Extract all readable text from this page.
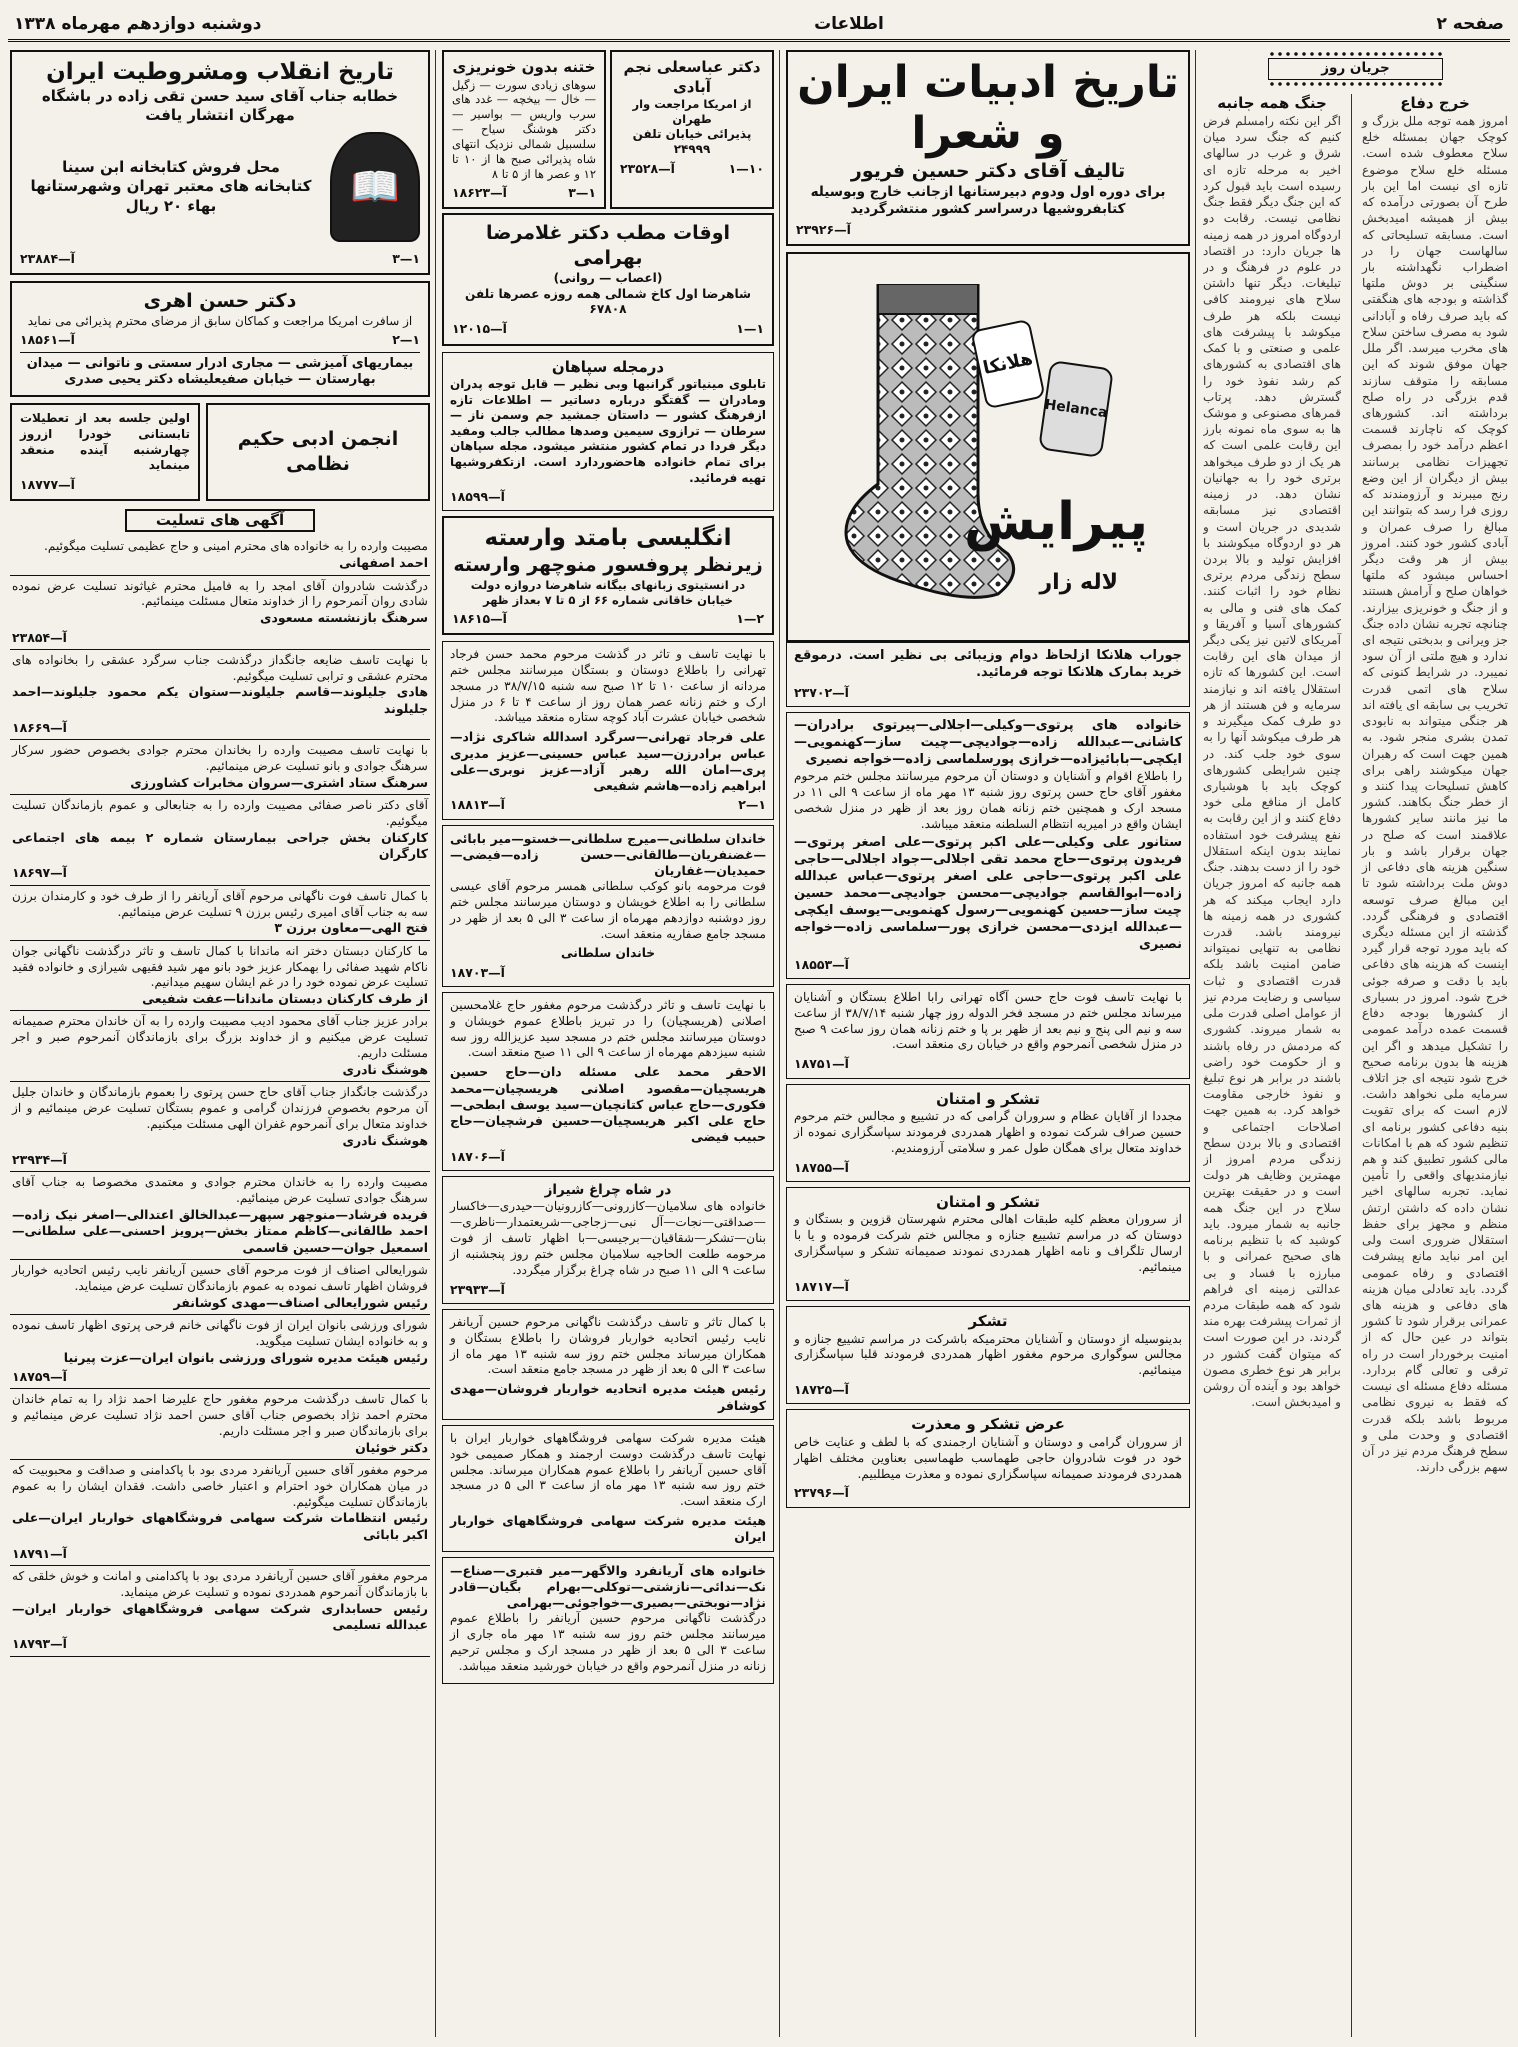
صفحه ۲
اطلاعات
دوشنبه دوازدهم مهرماه ۱۳۳۸
جریان روز
خرج دفاع
امروز همه توجه ملل بزرگ و کوچک جهان بمسئله خلع سلاح معطوف شده است. مسئله خلع سلاح موضوع تازه ای نیست اما این بار طرح آن بصورتی درآمده که بیش از همیشه امیدبخش است. مسابقه تسلیحاتی که سالهاست جهان را در اضطراب نگهداشته بار سنگینی بر دوش ملتها گذاشته و بودجه های هنگفتی که باید صرف رفاه و آبادانی شود به مصرف ساختن سلاح های مخرب میرسد. اگر ملل جهان موفق شوند که این مسابقه را متوقف سازند قدم بزرگی در راه صلح برداشته اند. کشورهای کوچک که ناچارند قسمت اعظم درآمد خود را بمصرف تجهیزات نظامی برسانند بیش از دیگران از این وضع رنج میبرند و آرزومندند که روزی فرا رسد که بتوانند این مبالغ را صرف عمران و آبادی کشور خود کنند. امروز بیش از هر وقت دیگر احساس میشود که ملتها خواهان صلح و آرامش هستند و از جنگ و خونریزی بیزارند. چنانچه تجربه نشان داده جنگ جز ویرانی و بدبختی نتیجه ای ندارد و هیچ ملتی از آن سود نمیبرد. در شرایط کنونی که سلاح های اتمی قدرت تخریب بی سابقه ای یافته اند هر جنگی میتواند به نابودی تمدن بشری منجر شود. به همین جهت است که رهبران جهان میکوشند راهی برای کاهش تسلیحات پیدا کنند و از خطر جنگ بکاهند. کشور ما نیز مانند سایر کشورها علاقمند است که صلح در جهان برقرار باشد و بار سنگین هزینه های دفاعی از دوش ملت برداشته شود تا این مبالغ صرف توسعه اقتصادی و فرهنگی گردد. گذشته از این مسئله دیگری که باید مورد توجه قرار گیرد اینست که هزینه های دفاعی باید با دقت و صرفه جوئی خرج شود. امروز در بسیاری از کشورها بودجه دفاع قسمت عمده درآمد عمومی را تشکیل میدهد و اگر این هزینه ها بدون برنامه صحیح خرج شود نتیجه ای جز اتلاف سرمایه ملی نخواهد داشت. لازم است که برای تقویت بنیه دفاعی کشور برنامه ای تنظیم شود که هم با امکانات مالی کشور تطبیق کند و هم نیازمندیهای واقعی را تأمین نماید. تجربه سالهای اخیر نشان داده که داشتن ارتش منظم و مجهز برای حفظ استقلال ضروری است ولی این امر نباید مانع پیشرفت اقتصادی و رفاه عمومی گردد. باید تعادلی میان هزینه های دفاعی و هزینه های عمرانی برقرار شود تا کشور بتواند در عین حال که از امنیت برخوردار است در راه ترقی و تعالی گام بردارد. مسئله دفاع مسئله ای نیست که فقط به نیروی نظامی مربوط باشد بلکه قدرت اقتصادی و وحدت ملی و سطح فرهنگ مردم نیز در آن سهم بزرگی دارند.
جنگ همه جانبه
اگر این نکته رامسلم فرض کنیم که جنگ سرد میان شرق و غرب در سالهای اخیر به مرحله تازه ای رسیده است باید قبول کرد که این جنگ دیگر فقط جنگ نظامی نیست. رقابت دو اردوگاه امروز در همه زمینه ها جریان دارد: در اقتصاد در علوم در فرهنگ و در تبلیغات. دیگر تنها داشتن سلاح های نیرومند کافی نیست بلکه هر طرف میکوشد با پیشرفت های علمی و صنعتی و با کمک های اقتصادی به کشورهای کم رشد نفوذ خود را گسترش دهد. پرتاب قمرهای مصنوعی و موشک ها به سوی ماه نمونه بارز این رقابت علمی است که هر یک از دو طرف میخواهد برتری خود را به جهانیان نشان دهد. در زمینه اقتصادی نیز مسابقه شدیدی در جریان است و هر دو اردوگاه میکوشند با افزایش تولید و بالا بردن سطح زندگی مردم برتری نظام خود را اثبات کنند. کمک های فنی و مالی به کشورهای آسیا و آفریقا و آمریکای لاتین نیز یکی دیگر از میدان های این رقابت است. این کشورها که تازه استقلال یافته اند و نیازمند سرمایه و فن هستند از هر دو طرف کمک میگیرند و هر طرف میکوشد آنها را به سوی خود جلب کند. در چنین شرایطی کشورهای کوچک باید با هوشیاری کامل از منافع ملی خود دفاع کنند و از این رقابت به نفع پیشرفت خود استفاده نمایند بدون اینکه استقلال خود را از دست بدهند. جنگ همه جانبه که امروز جریان دارد ایجاب میکند که هر کشوری در همه زمینه ها نیرومند باشد. قدرت نظامی به تنهایی نمیتواند ضامن امنیت باشد بلکه قدرت اقتصادی و ثبات سیاسی و رضایت مردم نیز از عوامل اصلی قدرت ملی به شمار میروند. کشوری که مردمش در رفاه باشند و از حکومت خود راضی باشند در برابر هر نوع تبلیغ و نفوذ خارجی مقاومت خواهد کرد. به همین جهت اصلاحات اجتماعی و اقتصادی و بالا بردن سطح زندگی مردم امروز از مهمترین وظایف هر دولت است و در حقیقت بهترین سلاح در این جنگ همه جانبه به شمار میرود. باید کوشید که با تنظیم برنامه های صحیح عمرانی و با مبارزه با فساد و بی عدالتی زمینه ای فراهم شود که همه طبقات مردم از ثمرات پیشرفت بهره مند گردند. در این صورت است که میتوان گفت کشور در برابر هر نوع خطری مصون خواهد بود و آینده آن روشن و امیدبخش است.
تاریخ ادبیات ایران
و شعرا
تالیف آقای دکتر حسین فریور
برای دوره اول ودوم دبیرستانها ازجانب خارج وبوسیله کتابفروشیها درسراسر کشور منتشرگردید
آ—۲۳۹۲۶
هلانکا
Helanca
پیرایش
لاله زار
جوراب هلانکا ازلحاظ دوام وزیبائی بی نظیر است. درموقع خرید بمارک هلانکا توجه فرمائید.
آ—۲۳۷۰۲
خانواده های پرتوی—وکیلی—اجلالی—پیرتوی برادران—کاشانی—عبدالله زاده—جوادیچی—چیت ساز—کهنمویی—ایکچی—بابائیزاده—خرازی پورسلماسی زاده—خواجه نصیری
را باطلاع اقوام و آشنایان و دوستان آن مرحوم میرسانند مجلس ختم مرحوم مغفور آقای حاج حسن پرتوی روز شنبه ۱۳ مهر ماه از ساعت ۹ الی ۱۱ در مسجد ارک و همچنین ختم زنانه همان روز بعد از ظهر در منزل شخصی ایشان واقع در امیریه انتظام السلطنه منعقد میباشد.
ستانور علی وکیلی—علی اکبر پرتوی—علی اصغر پرتوی—فریدون پرتوی—حاج محمد تقی اجلالی—جواد اجلالی—حاجی علی اکبر پرتوی—حاجی علی اصغر پرتوی—عباس عبدالله زاده—ابوالقاسم جوادیچی—محسن جوادیچی—محمد حسین چیت ساز—حسین کهنمویی—رسول کهنمویی—یوسف ایکچی—عبدالله ایزدی—محسن خرازی پور—سلماسی زاده—خواجه نصیری
آ—۱۸۵۵۳
با نهایت تاسف فوت حاج حسن آگاه تهرانی رابا اطلاع بستگان و آشنایان میرساند مجلس ختم در مسجد فخر الدوله روز چهار شنبه ۳۸/۷/۱۴ از ساعت سه و نیم الی پنج و نیم بعد از ظهر بر پا و ختم زنانه همان روز ساعت ۹ صبح در منزل شخصی آنمرحوم واقع در خیابان ری منعقد است.
آ—۱۸۷۵۱
تشکر و امتنان
مجددا از آقایان عظام و سروران گرامی که در تشییع و مجالس ختم مرحوم حسین صراف شرکت نموده و اظهار همدردی فرمودند سپاسگزاری نموده از خداوند متعال برای همگان طول عمر و سلامتی آرزومندیم.
آ—۱۸۷۵۵
تشکر و امتنان
از سروران معظم کلیه طبقات اهالی محترم شهرستان قزوین و بستگان و دوستان که در مراسم تشییع جنازه و مجالس ختم شرکت فرموده و یا با ارسال تلگراف و نامه اظهار همدردی نمودند صمیمانه تشکر و سپاسگزاری مینمائیم.
آ—۱۸۷۱۷
تشکر
بدینوسیله از دوستان و آشنایان محترمیکه باشرکت در مراسم تشییع جنازه و مجالس سوگواری مرحوم مغفور اظهار همدردی فرمودند قلبا سپاسگزاری مینمائیم.
آ—۱۸۷۲۵
عرض تشکر و معذرت
از سروران گرامی و دوستان و آشنایان ارجمندی که با لطف و عنایت خاص خود در فوت شادروان حاجی طهماسب طهماسبی بعناوین مختلف اظهار همدردی فرمودند صمیمانه سپاسگزاری نموده و معذرت میطلبیم.
آ—۲۳۷۹۶
دکتر عباسعلی نجم آبادی
از امریکا مراجعت وار طهران
پذیرائی خیابان تلفن ۲۴۹۹۹
آ—۲۳۵۲۸	۱—۱۰
ختنه بدون خونریزی
سوهای زیادی سورت — زگیل — خال — بیخچه — غدد های سرب واریس — بواسیر — دکتر هوشنگ سیاح — سلسبیل شمالی نزدیک انتهای شاه پذیرائی صبح ها از ۱۰ تا ۱۲ و عصر ها از ۵ تا ۸
آ—۱۸۶۲۳	۳—۱
اوقات مطب دکتر غلامرضا بهرامی
(اعصاب — روانی)
شاهرضا اول کاخ شمالی همه روزه عصرها تلفن ۶۷۸۰۸
آ—۱۲۰۱۵	۱—۱
درمجله سپاهان
تابلوی مینیاتور گرانبها وبی نظیر — قابل توجه پدران ومادران — گفتگو درباره دساتیر — اطلاعات تازه ازفرهنگ کشور — داستان جمشید جم وسمن ناز — سرطان — ترازوی سیمین وصدها مطالب جالب ومفید دیگر فردا در تمام کشور منتشر میشود. مجله سپاهان برای تمام خانواده هاحضوردارد است. ازتکفروشیها تهیه فرمائید.
آ—۱۸۵۹۹
انگلیسی بامتد وارسته
زیرنظر پروفسور منوچهر وارسته
در انستیتوی زبانهای بیگانه شاهرضا دروازه دولت خیابان خاقانی شماره ۶۶ از ۵ تا ۷ بعداز ظهر
آ—۱۸۶۱۵	۱—۲
با نهایت تاسف و تاثر در گذشت مرحوم محمد حسن فرجاد تهرانی را باطلاع دوستان و بستگان میرسانند مجلس ختم مردانه از ساعت ۱۰ تا ۱۲ صبح سه شنبه ۳۸/۷/۱۵ در مسجد ارک و ختم زنانه عصر همان روز از ساعت ۴ تا ۶ در منزل شخصی خیابان عشرت آباد کوچه ستاره منعقد میباشد.
علی فرجاد تهرانی—سرگرد اسدالله شاکری نژاد—عباس برادرزن—سید عباس حسینی—عزیز مدیری پری—امان الله رهبر آزاد—عزیز نوبری—علی ابراهیم زاده—هاشم شفیعی
آ—۱۸۸۱۳	۲—۱
خاندان سلطانی—میرج سلطانی—خستو—میر بابائی—غضنفریان—طالقانی—حسن زاده—فیضی—حمیدیان—غفاریان
فوت مرحومه بانو کوکب سلطانی همسر مرحوم آقای عیسی سلطانی را به اطلاع خویشان و دوستان میرسانند مجلس ختم روز دوشنبه دوازدهم مهرماه از ساعت ۳ الی ۵ بعد از ظهر در مسجد جامع صفاریه منعقد است.
خاندان سلطانی
آ—۱۸۷۰۳
با نهایت تاسف و تاثر درگذشت مرحوم مغفور حاج غلامحسین اصلانی (هریسچیان) را در تبریز باطلاع عموم خویشان و دوستان میرسانند مجلس ختم در مسجد سید عزیزالله روز سه شنبه سیزدهم مهرماه از ساعت ۹ الی ۱۱ صبح منعقد است.
الاحقر محمد علی مسئله دان—حاج حسین هریسچیان—مقصود اصلانی هریسچیان—محمد فکوری—حاج عباس کتانچیان—سید یوسف ابطحی—حاج علی اکبر هریسچیان—حسین فرشچیان—حاج حبیب فیضی
آ—۱۸۷۰۶
در شاه چراغ شیراز
خانواده های سلامیان—کازرونی—کازرونیان—حیدری—خاکسار—صداقتی—نجات—آل نبی—زجاجی—شریعتمدار—ناظری—بنان—تشکر—شقاقیان—برجیسی—با اظهار تاسف از فوت مرحومه طلعت الحاجیه سلامیان مجلس ختم روز پنجشنبه از ساعت ۹ الی ۱۱ صبح در شاه چراغ برگزار میگردد.
آ—۲۳۹۳۳
با کمال تاثر و تاسف درگذشت ناگهانی مرحوم حسین آریانفر نایب رئیس اتحادیه خواربار فروشان را باطلاع بستگان و همکاران میرساند مجلس ختم روز سه شنبه ۱۳ مهر ماه از ساعت ۳ الی ۵ بعد از ظهر در مسجد جامع منعقد است.
رئیس هیئت مدیره اتحادیه خواربار فروشان—مهدی کوشافر
هیئت مدیره شرکت سهامی فروشگاههای خواربار ایران با نهایت تاسف درگذشت دوست ارجمند و همکار صمیمی خود آقای حسین آریانفر را باطلاع عموم همکاران میرساند. مجلس ختم روز سه شنبه ۱۳ مهر ماه از ساعت ۳ الی ۵ در مسجد ارک منعقد است.
هیئت مدیره شرکت سهامی فروشگاههای خواربار ایران
خانواده های آریانفرد والاگهر—میر فتبری—صناع—نک—ندائی—نازشتی—توکلی—بهرام بگیان—قادر نژاد—نوبختی—بصیری—خواجوئی—بهرامی
درگذشت ناگهانی مرحوم حسین آریانفر را باطلاع عموم میرسانند مجلس ختم روز سه شنبه ۱۳ مهر ماه جاری از ساعت ۳ الی ۵ بعد از ظهر در مسجد ارک و مجلس ترحیم زنانه در منزل آنمرحوم واقع در خیابان خورشید منعقد میباشد.
تاریخ انقلاب ومشروطیت ایران
خطابه جناب آقای سید حسن تقی زاده در باشگاه مهرگان انتشار یافت
📖
محل فروش کتابخانه ابن سینا
کتابخانه های معتبر تهران وشهرستانها
بهاء ۲۰ ریال
آ—۲۳۸۸۴	۳—۱
دکتر حسن اهری
از سافرت امریکا مراجعت و کماکان سابق از مرضای محترم پذیرائی می نماید
آ—۱۸۵۶۱	۲—۱
بیماریهای آمیزشی — مجاری ادرار سستی و ناتوانی — میدان بهارستان — خیابان صفیعلیشاه دکتر یحیی صدری
انجمن ادبی حکیم نظامی
اولین جلسه بعد از تعطیلات تابستانی خودرا ازروز چهارشنبه آینده منعقد مینماید
آ—۱۸۷۷۷
آگهی های تسلیت
مصیبت وارده را به خانواده های محترم امینی و حاج عظیمی تسلیت میگوئیم.
احمد اصفهانی
درگذشت شادروان آقای امجد را به فامیل محترم غیاثوند تسلیت عرض نموده شادی روان آنمرحوم را از خداوند متعال مسئلت مینمائیم.
سرهنگ بازنشسته مسعودی
آ—۲۳۸۵۴
با نهایت تاسف ضایعه جانگداز درگذشت جناب سرگرد عشقی را بخانواده های محترم عشقی و ترابی تسلیت میگوئیم.
هادی جلیلوند—قاسم جلیلوند—ستوان یکم محمود جلیلوند—احمد جلیلوند
آ—۱۸۶۶۹
با نهایت تاسف مصیبت وارده را بخاندان محترم جوادی بخصوص حضور سرکار سرهنگ جوادی و بانو تسلیت عرض مینمائیم.
سرهنگ ستاد اشتری—سروان مخابرات کشاورزی
آقای دکتر ناصر صفائی مصیبت وارده را به جنابعالی و عموم بازماندگان تسلیت میگوئیم.
کارکنان بخش جراحی بیمارستان شماره ۲ بیمه های اجتماعی کارگران
آ—۱۸۶۹۷
با کمال تاسف فوت ناگهانی مرحوم آقای آریانفر را از طرف خود و کارمندان برزن سه به جناب آقای امیری رئیس برزن ۹ تسلیت عرض مینمائیم.
فتح الهی—معاون برزن ۳
ما کارکنان دبستان دختر انه ماندانا با کمال تاسف و تاثر درگذشت ناگهانی جوان ناکام شهید صفائی را بهمکار عزیز خود بانو مهر شید فقیهی شیرازی و خانواده فقید تسلیت عرض نموده خود را در غم ایشان سهیم میدانیم.
از طرف کارکنان دبستان ماندانا—عفت شفیعی
برادر عزیز جناب آقای محمود ادیب مصیبت وارده را به آن خاندان محترم صمیمانه تسلیت عرض میکنیم و از خداوند بزرگ برای بازماندگان آنمرحوم صبر و اجر مسئلت داریم.
هوشنگ نادری
درگذشت جانگداز جناب آقای حاج حسن پرتوی را بعموم بازماندگان و خاندان جلیل آن مرحوم بخصوص فرزندان گرامی و عموم بستگان تسلیت عرض مینمائیم و از خداوند متعال برای آنمرحوم غفران الهی مسئلت میکنیم.
هوشنگ نادری
آ—۲۳۹۳۴
مصیبت وارده را به خاندان محترم جوادی و معتمدی مخصوصا به جناب آقای سرهنگ جوادی تسلیت عرض مینمائیم.
فریده فرشاد—منوچهر سپهر—عبدالخالق اعتدالی—اصغر نیک زاده—احمد طالقانی—کاظم ممتاز بخش—پرویز احسنی—علی سلطانی—اسمعیل جوان—حسین قاسمی
شورایعالی اصناف از فوت مرحوم آقای حسین آریانفر نایب رئیس اتحادیه خواربار فروشان اظهار تاسف نموده به عموم بازماندگان تسلیت عرض مینماید.
رئیس شورایعالی اصناف—مهدی کوشانفر
شورای ورزشی بانوان ایران از فوت ناگهانی خانم فرحی پرتوی اظهار تاسف نموده و به خانواده ایشان تسلیت میگوید.
رئیس هیئت مدیره شورای ورزشی بانوان ایران—عزت پیرنیا
آ—۱۸۷۵۹
با کمال تاسف درگذشت مرحوم مغفور حاج علیرضا احمد نژاد را به تمام خاندان محترم احمد نژاد بخصوص جناب آقای حسن احمد نژاد تسلیت عرض مینمائیم و برای بازماندگان صبر و اجر مسئلت داریم.
دکتر خوئیان
مرحوم مغفور آقای حسین آریانفرد مردی بود با پاکدامنی و صداقت و محبوبیت که در میان همکاران خود احترام و اعتبار خاصی داشت. فقدان ایشان را به عموم بازماندگان تسلیت میگوئیم.
رئیس انتظامات شرکت سهامی فروشگاههای خواربار ایران—علی اکبر بابائی
آ—۱۸۷۹۱
مرحوم مغفور آقای حسین آریانفرد مردی بود با پاکدامنی و امانت و خوش خلقی که با بازماندگان آنمرحوم همدردی نموده و تسلیت عرض مینماید.
رئیس حسابداری شرکت سهامی فروشگاههای خواربار ایران—عبدالله تسلیمی
آ—۱۸۷۹۳
